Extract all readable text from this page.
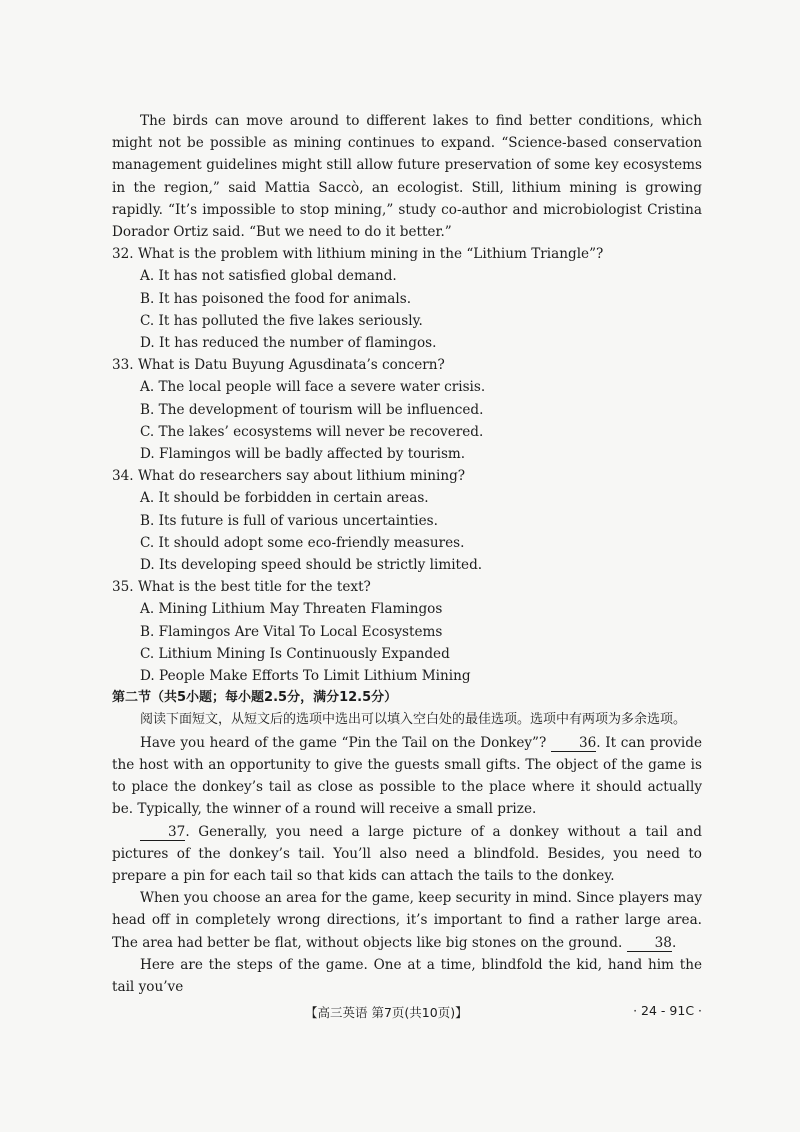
The birds can move around to different lakes to find better conditions, which might not be possible as mining continues to expand. “Science-based conservation management guidelines might still allow future preservation of some key ecosystems in the region,” said Mattia Saccò, an ecologist. Still, lithium mining is growing rapidly. “It’s impossible to stop mining,” study co-author and microbiologist Cristina Dorador Ortiz said. “But we need to do it better.”

32. What is the problem with lithium mining in the “Lithium Triangle”?

A. It has not satisfied global demand.

B. It has poisoned the food for animals.

C. It has polluted the five lakes seriously.

D. It has reduced the number of flamingos.

33. What is Datu Buyung Agusdinata’s concern?

A. The local people will face a severe water crisis.

B. The development of tourism will be influenced.

C. The lakes’ ecosystems will never be recovered.

D. Flamingos will be badly affected by tourism.

34. What do researchers say about lithium mining?

A. It should be forbidden in certain areas.

B. Its future is full of various uncertainties.

C. It should adopt some eco-friendly measures.

D. Its developing speed should be strictly limited.

35. What is the best title for the text?

A. Mining Lithium May Threaten Flamingos

B. Flamingos Are Vital To Local Ecosystems

C. Lithium Mining Is Continuously Expanded

D. People Make Efforts To Limit Lithium Mining

第二节（共5小题；每小题2.5分，满分12.5分）

阅读下面短文，从短文后的选项中选出可以填入空白处的最佳选项。选项中有两项为多余选项。

Have you heard of the game “Pin the Tail on the Donkey”? 36. It can provide the host with an opportunity to give the guests small gifts. The object of the game is to place the donkey’s tail as close as possible to the place where it should actually be. Typically, the winner of a round will receive a small prize.

37. Generally, you need a large picture of a donkey without a tail and pictures of the donkey’s tail. You’ll also need a blindfold. Besides, you need to prepare a pin for each tail so that kids can attach the tails to the donkey.

When you choose an area for the game, keep security in mind. Since players may head off in completely wrong directions, it’s important to find a rather large area. The area had better be flat, without objects like big stones on the ground. 38.

Here are the steps of the game. One at a time, blindfold the kid, hand him the tail you’ve

【高三英语 第7页(共10页)】	· 24 - 91C ·
